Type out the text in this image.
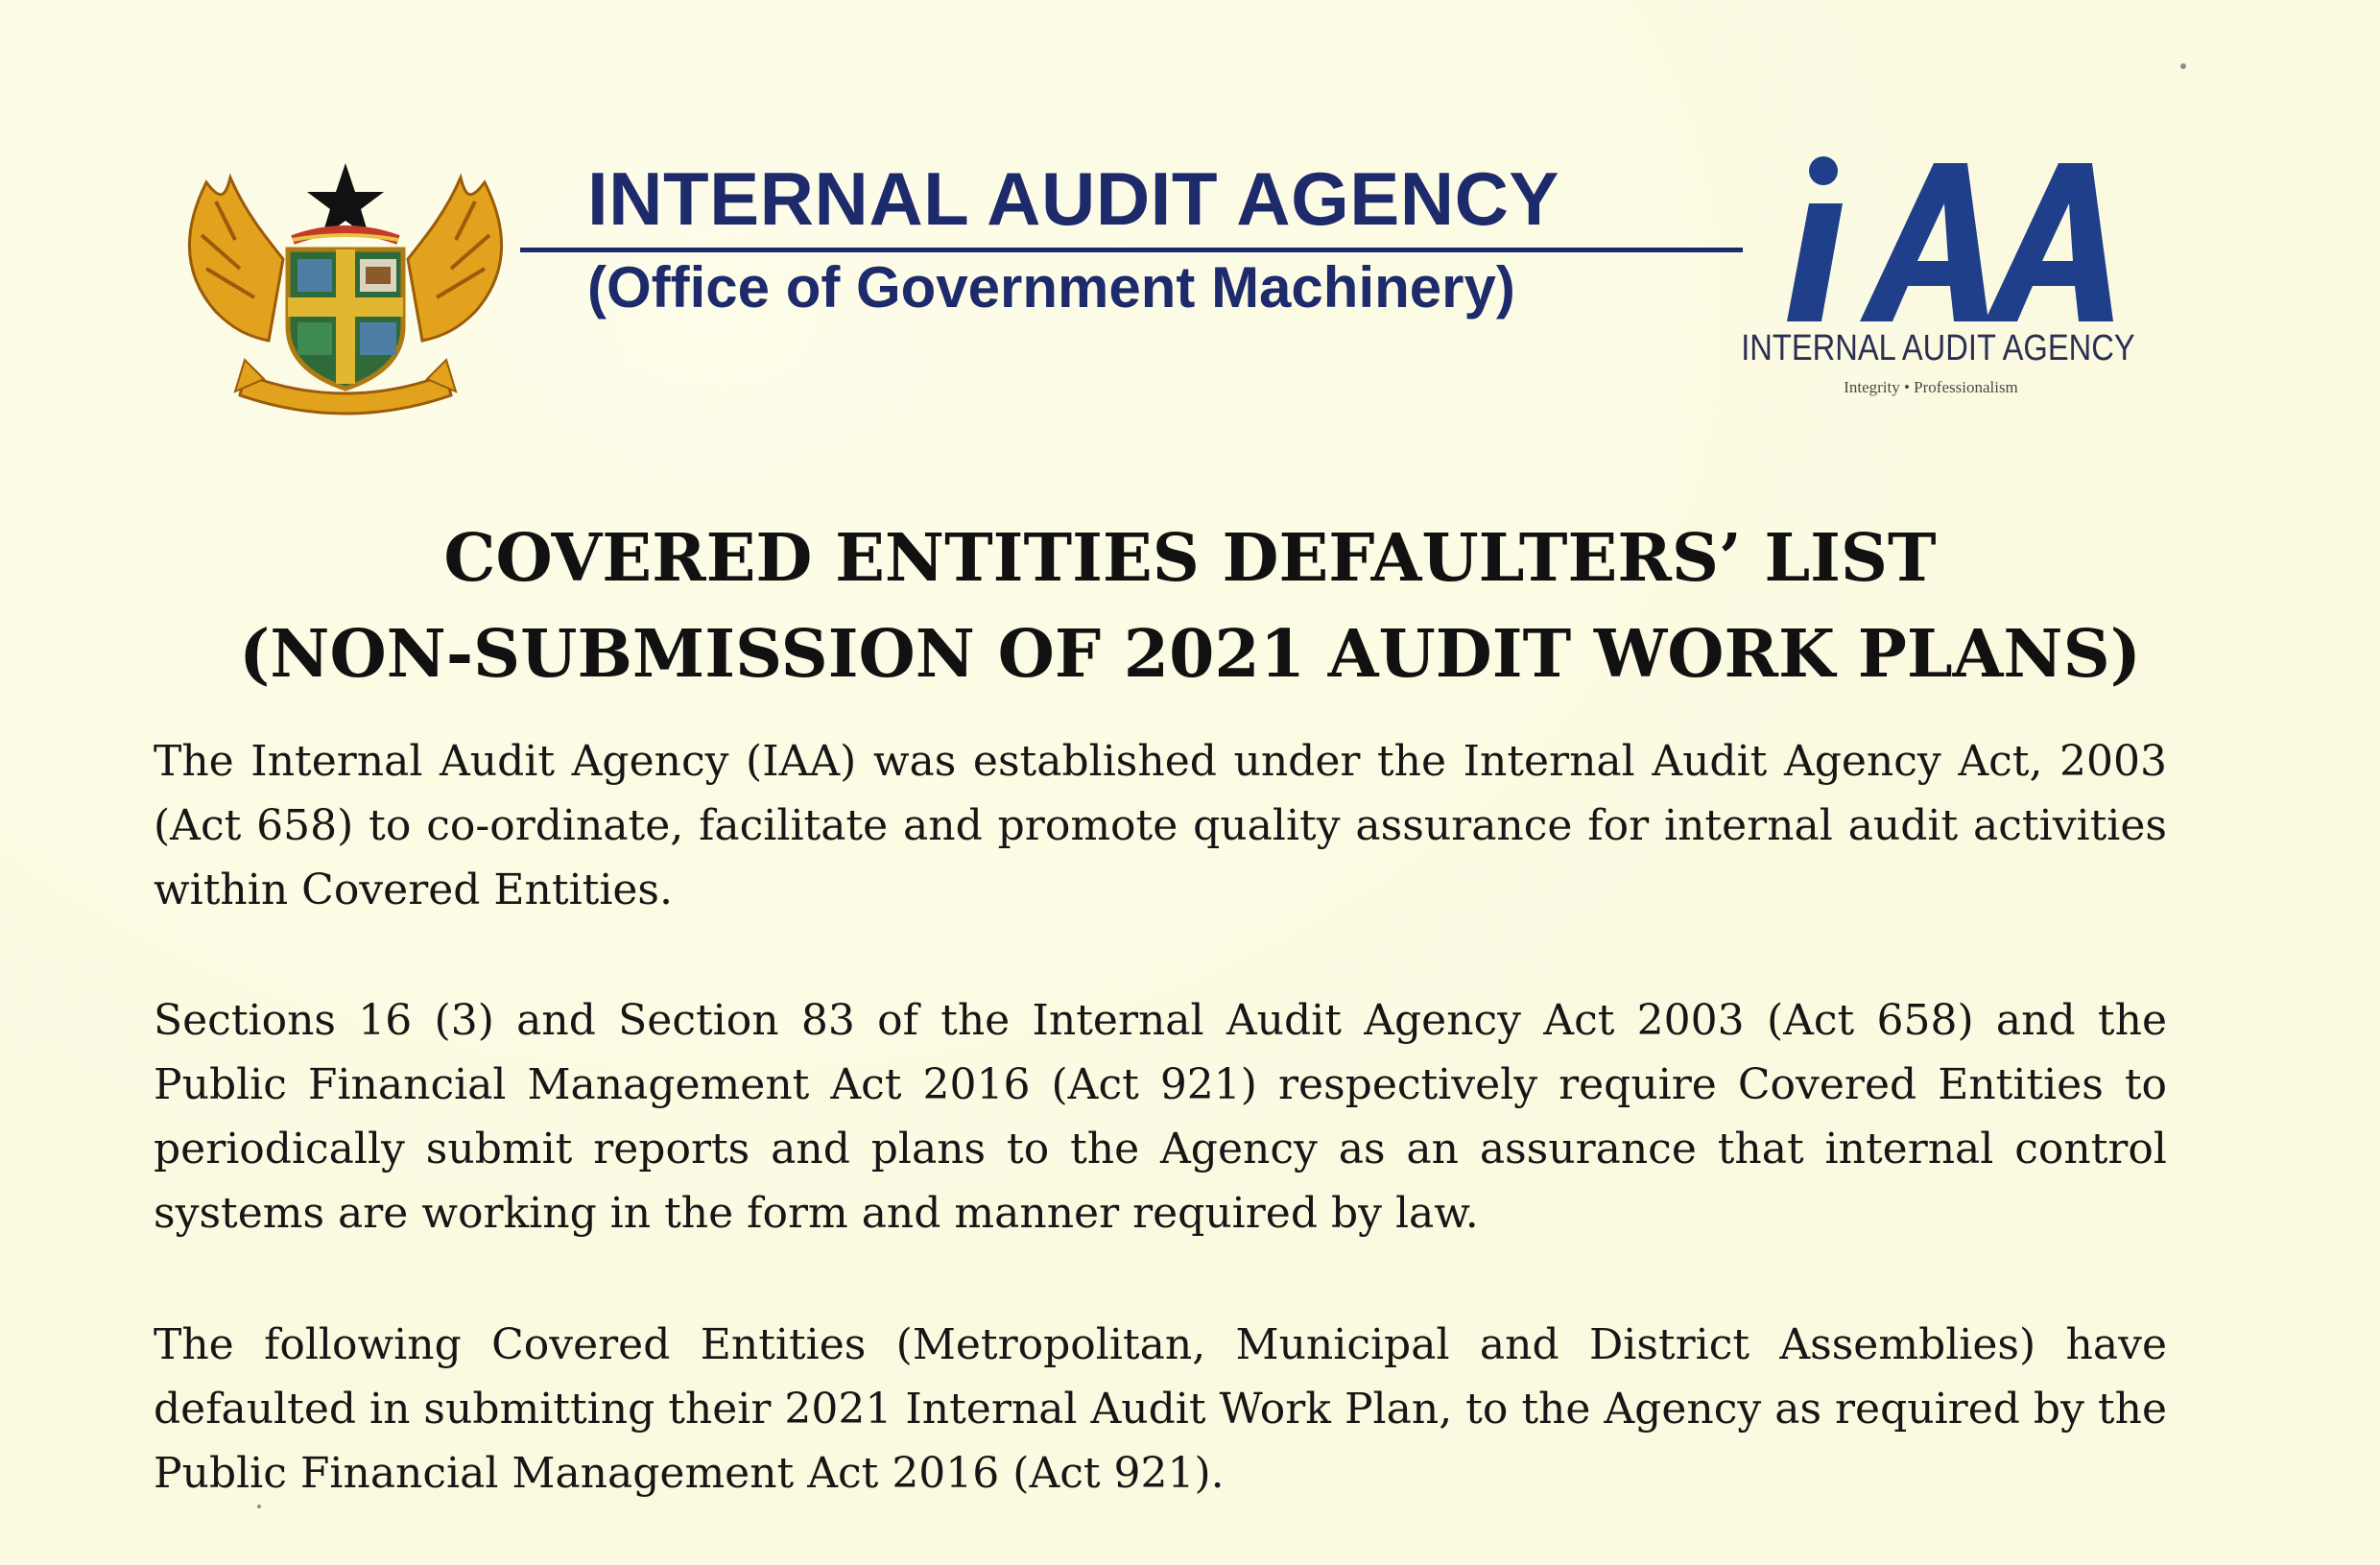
INTERNAL AUDIT AGENCY
(Office of Government Machinery)
INTERNAL AUDIT AGENCY
Integrity • Professionalism
COVERED ENTITIES DEFAULTERS’ LIST
(NON-SUBMISSION OF 2021 AUDIT WORK PLANS)
The Internal Audit Agency (IAA) was established under the Internal Audit Agency Act, 2003 (Act 658) to co-ordinate, facilitate and promote quality assurance for internal audit activities within Covered Entities.
Sections 16 (3) and Section 83 of the Internal Audit Agency Act 2003 (Act 658) and the Public Financial Management Act 2016 (Act 921) respectively require Covered Entities to periodically submit reports and plans to the Agency as an assurance that internal control systems are working in the form and manner required by law.
The following Covered Entities (Metropolitan, Municipal and District Assemblies) have defaulted in submitting their 2021 Internal Audit Work Plan, to the Agency as required by the Public Financial Management Act 2016 (Act 921).
